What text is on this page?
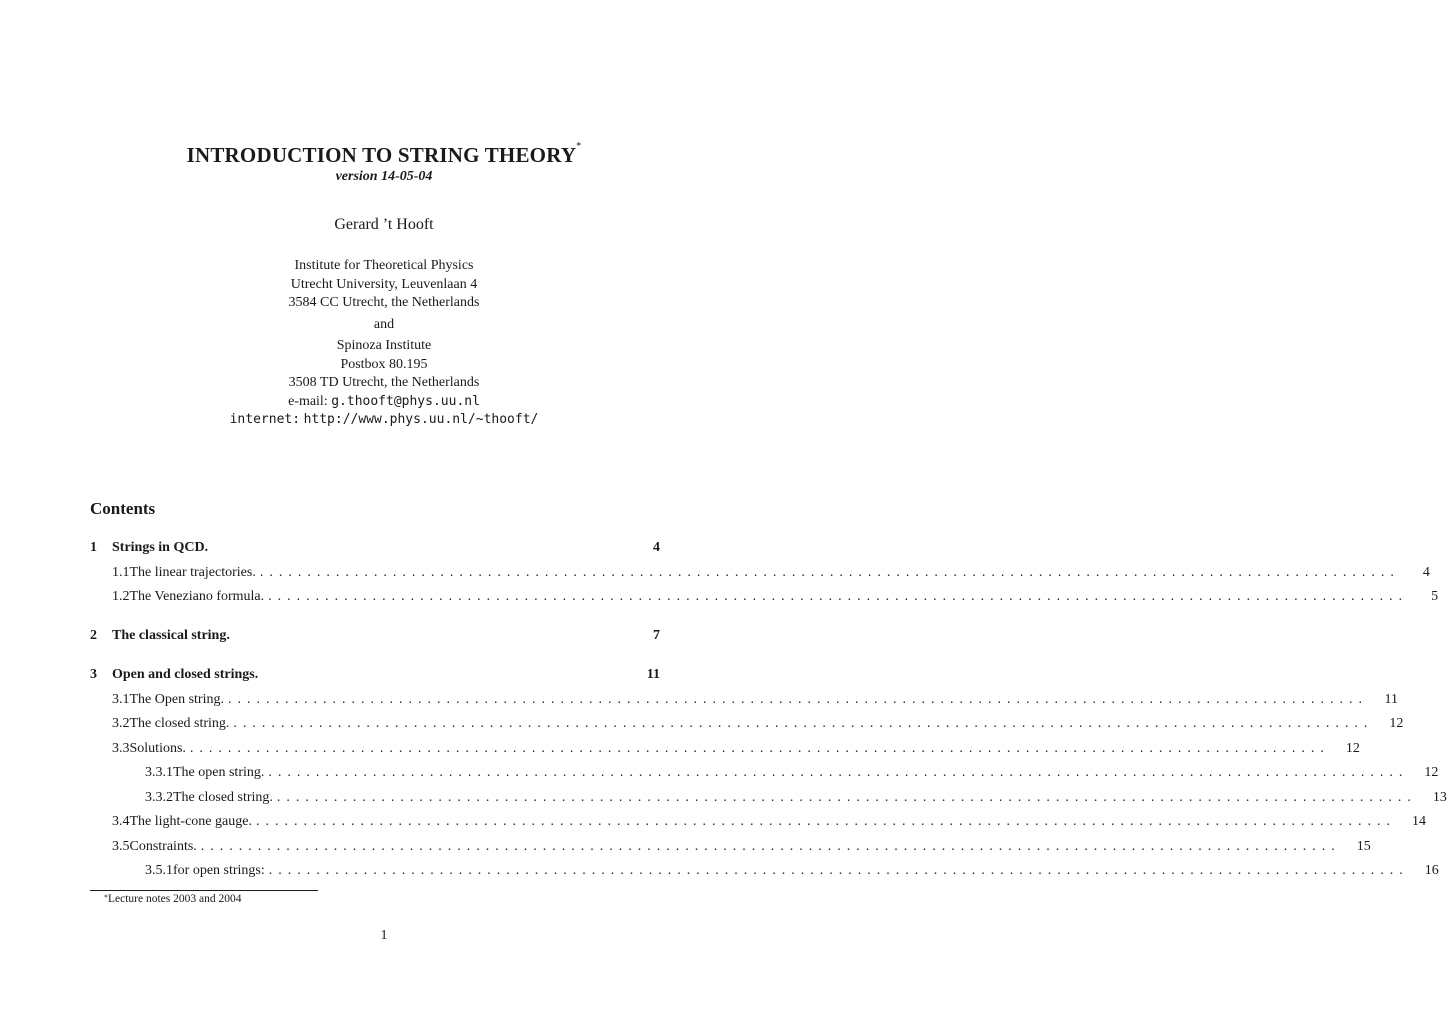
INTRODUCTION TO STRING THEORY*
version 14-05-04
Gerard ’t Hooft
Institute for Theoretical Physics
Utrecht University, Leuvenlaan 4
3584 CC Utrecht, the Netherlands
and
Spinoza Institute
Postbox 80.195
3508 TD Utrecht, the Netherlands
e-mail: g.thooft@phys.uu.nl
internet: http://www.phys.uu.nl/~thooft/
Contents
1	Strings in QCD.	4
1.1 The linear trajectories. ........................................................................................................................	4
1.2 The Veneziano formula. ........................................................................................................................	5
2	The classical string.	7
3	Open and closed strings.	11
3.1 The Open string. ........................................................................................................................	11
3.2 The closed string. ........................................................................................................................	12
3.3 Solutions. ........................................................................................................................	12
3.3.1 The open string. ........................................................................................................................	12
3.3.2 The closed string. ........................................................................................................................	13
3.4 The light-cone gauge. ........................................................................................................................	14
3.5 Constraints. ........................................................................................................................	15
3.5.1 for open strings: ........................................................................................................................	16
*Lecture notes 2003 and 2004
1
